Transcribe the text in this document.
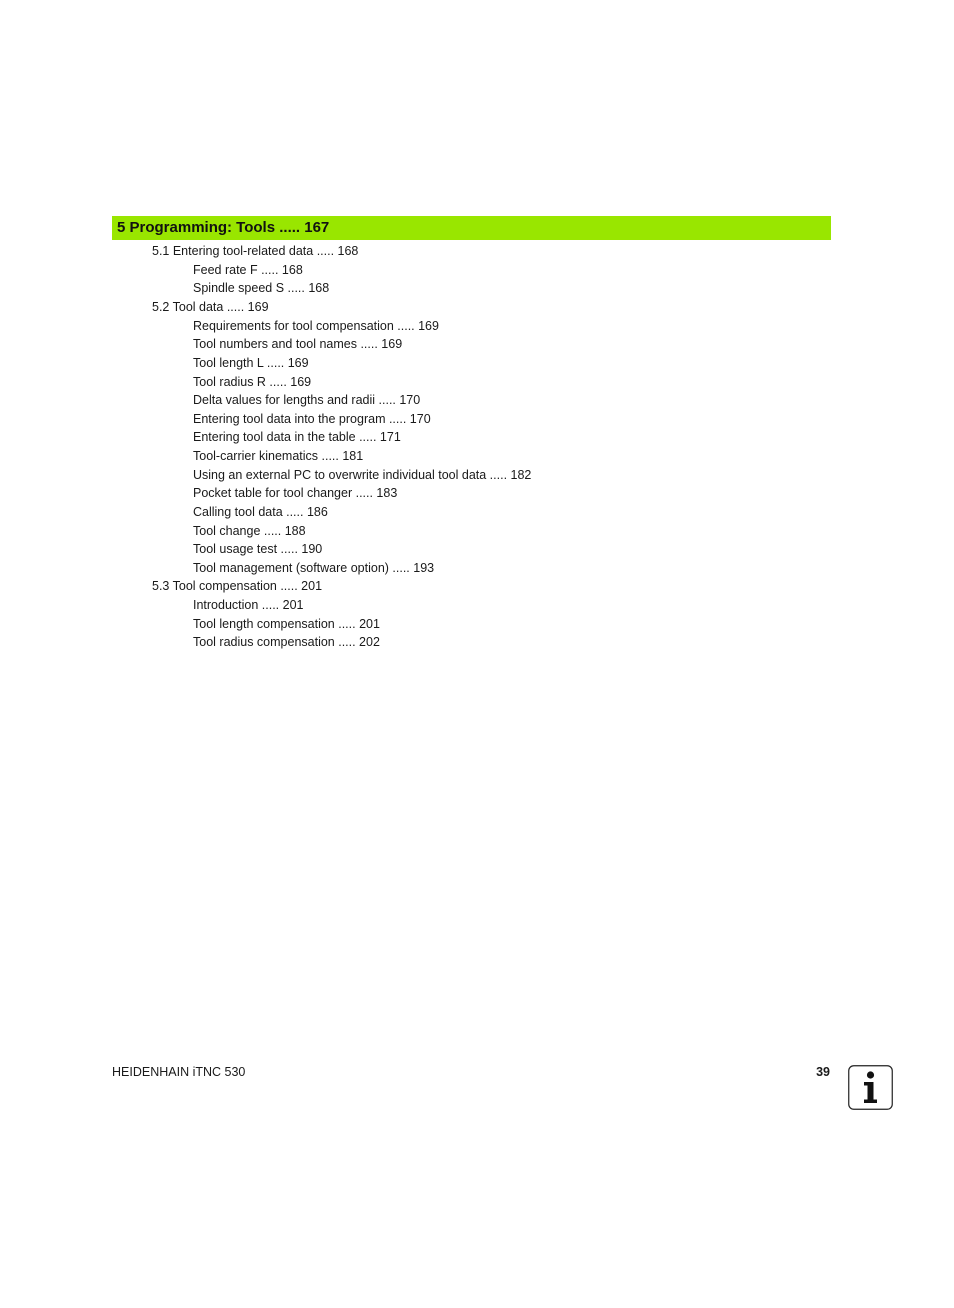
5 Programming: Tools ..... 167
5.1 Entering tool-related data ..... 168
Feed rate F ..... 168
Spindle speed S ..... 168
5.2 Tool data ..... 169
Requirements for tool compensation ..... 169
Tool numbers and tool names ..... 169
Tool length L ..... 169
Tool radius R ..... 169
Delta values for lengths and radii ..... 170
Entering tool data into the program ..... 170
Entering tool data in the table ..... 171
Tool-carrier kinematics ..... 181
Using an external PC to overwrite individual tool data ..... 182
Pocket table for tool changer ..... 183
Calling tool data ..... 186
Tool change ..... 188
Tool usage test ..... 190
Tool management (software option) ..... 193
5.3 Tool compensation ..... 201
Introduction ..... 201
Tool length compensation ..... 201
Tool radius compensation ..... 202
HEIDENHAIN iTNC 530	39
